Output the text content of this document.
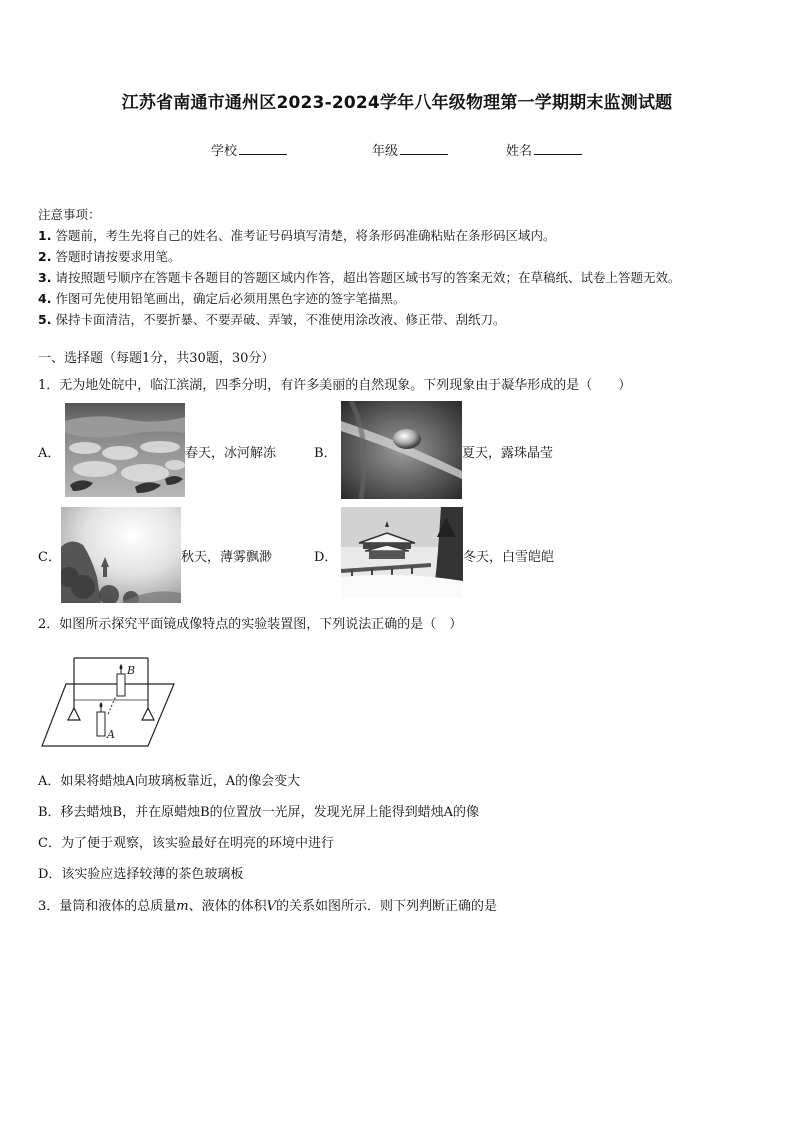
江苏省南通市通州区2023-2024学年八年级物理第一学期期末监测试题
学校	年级	姓名
注意事项：
1. 答题前，考生先将自己的姓名、准考证号码填写清楚，将条形码准确粘贴在条形码区域内。
2. 答题时请按要求用笔。
3. 请按照题号顺序在答题卡各题目的答题区域内作答，超出答题区域书写的答案无效；在草稿纸、试卷上答题无效。
4. 作图可先使用铅笔画出，确定后必须用黑色字迹的签字笔描黑。
5. 保持卡面清洁，不要折暴、不要弄破、弄皱，不准使用涂改液、修正带、刮纸刀。
一、选择题（每题1分，共30题，30分）
1．无为地处皖中，临江滨湖，四季分明，有许多美丽的自然现象。下列现象由于凝华形成的是（　　）
A．	春天，冰河解冻	B．	夏天，露珠晶莹
C．	秋天，薄雾飘渺	D．	冬天，白雪皑皑
2．如图所示探究平面镜成像特点的实验装置图，下列说法正确的是（　）
B
A
A．如果将蜡烛A向玻璃板靠近，A的像会变大
B．移去蜡烛B，并在原蜡烛B的位置放一光屏，发现光屏上能得到蜡烛A的像
C．为了便于观察，该实验最好在明亮的环境中进行
D．该实验应选择较薄的茶色玻璃板
3．量筒和液体的总质量m、液体的体积V的关系如图所示．则下列判断正确的是
